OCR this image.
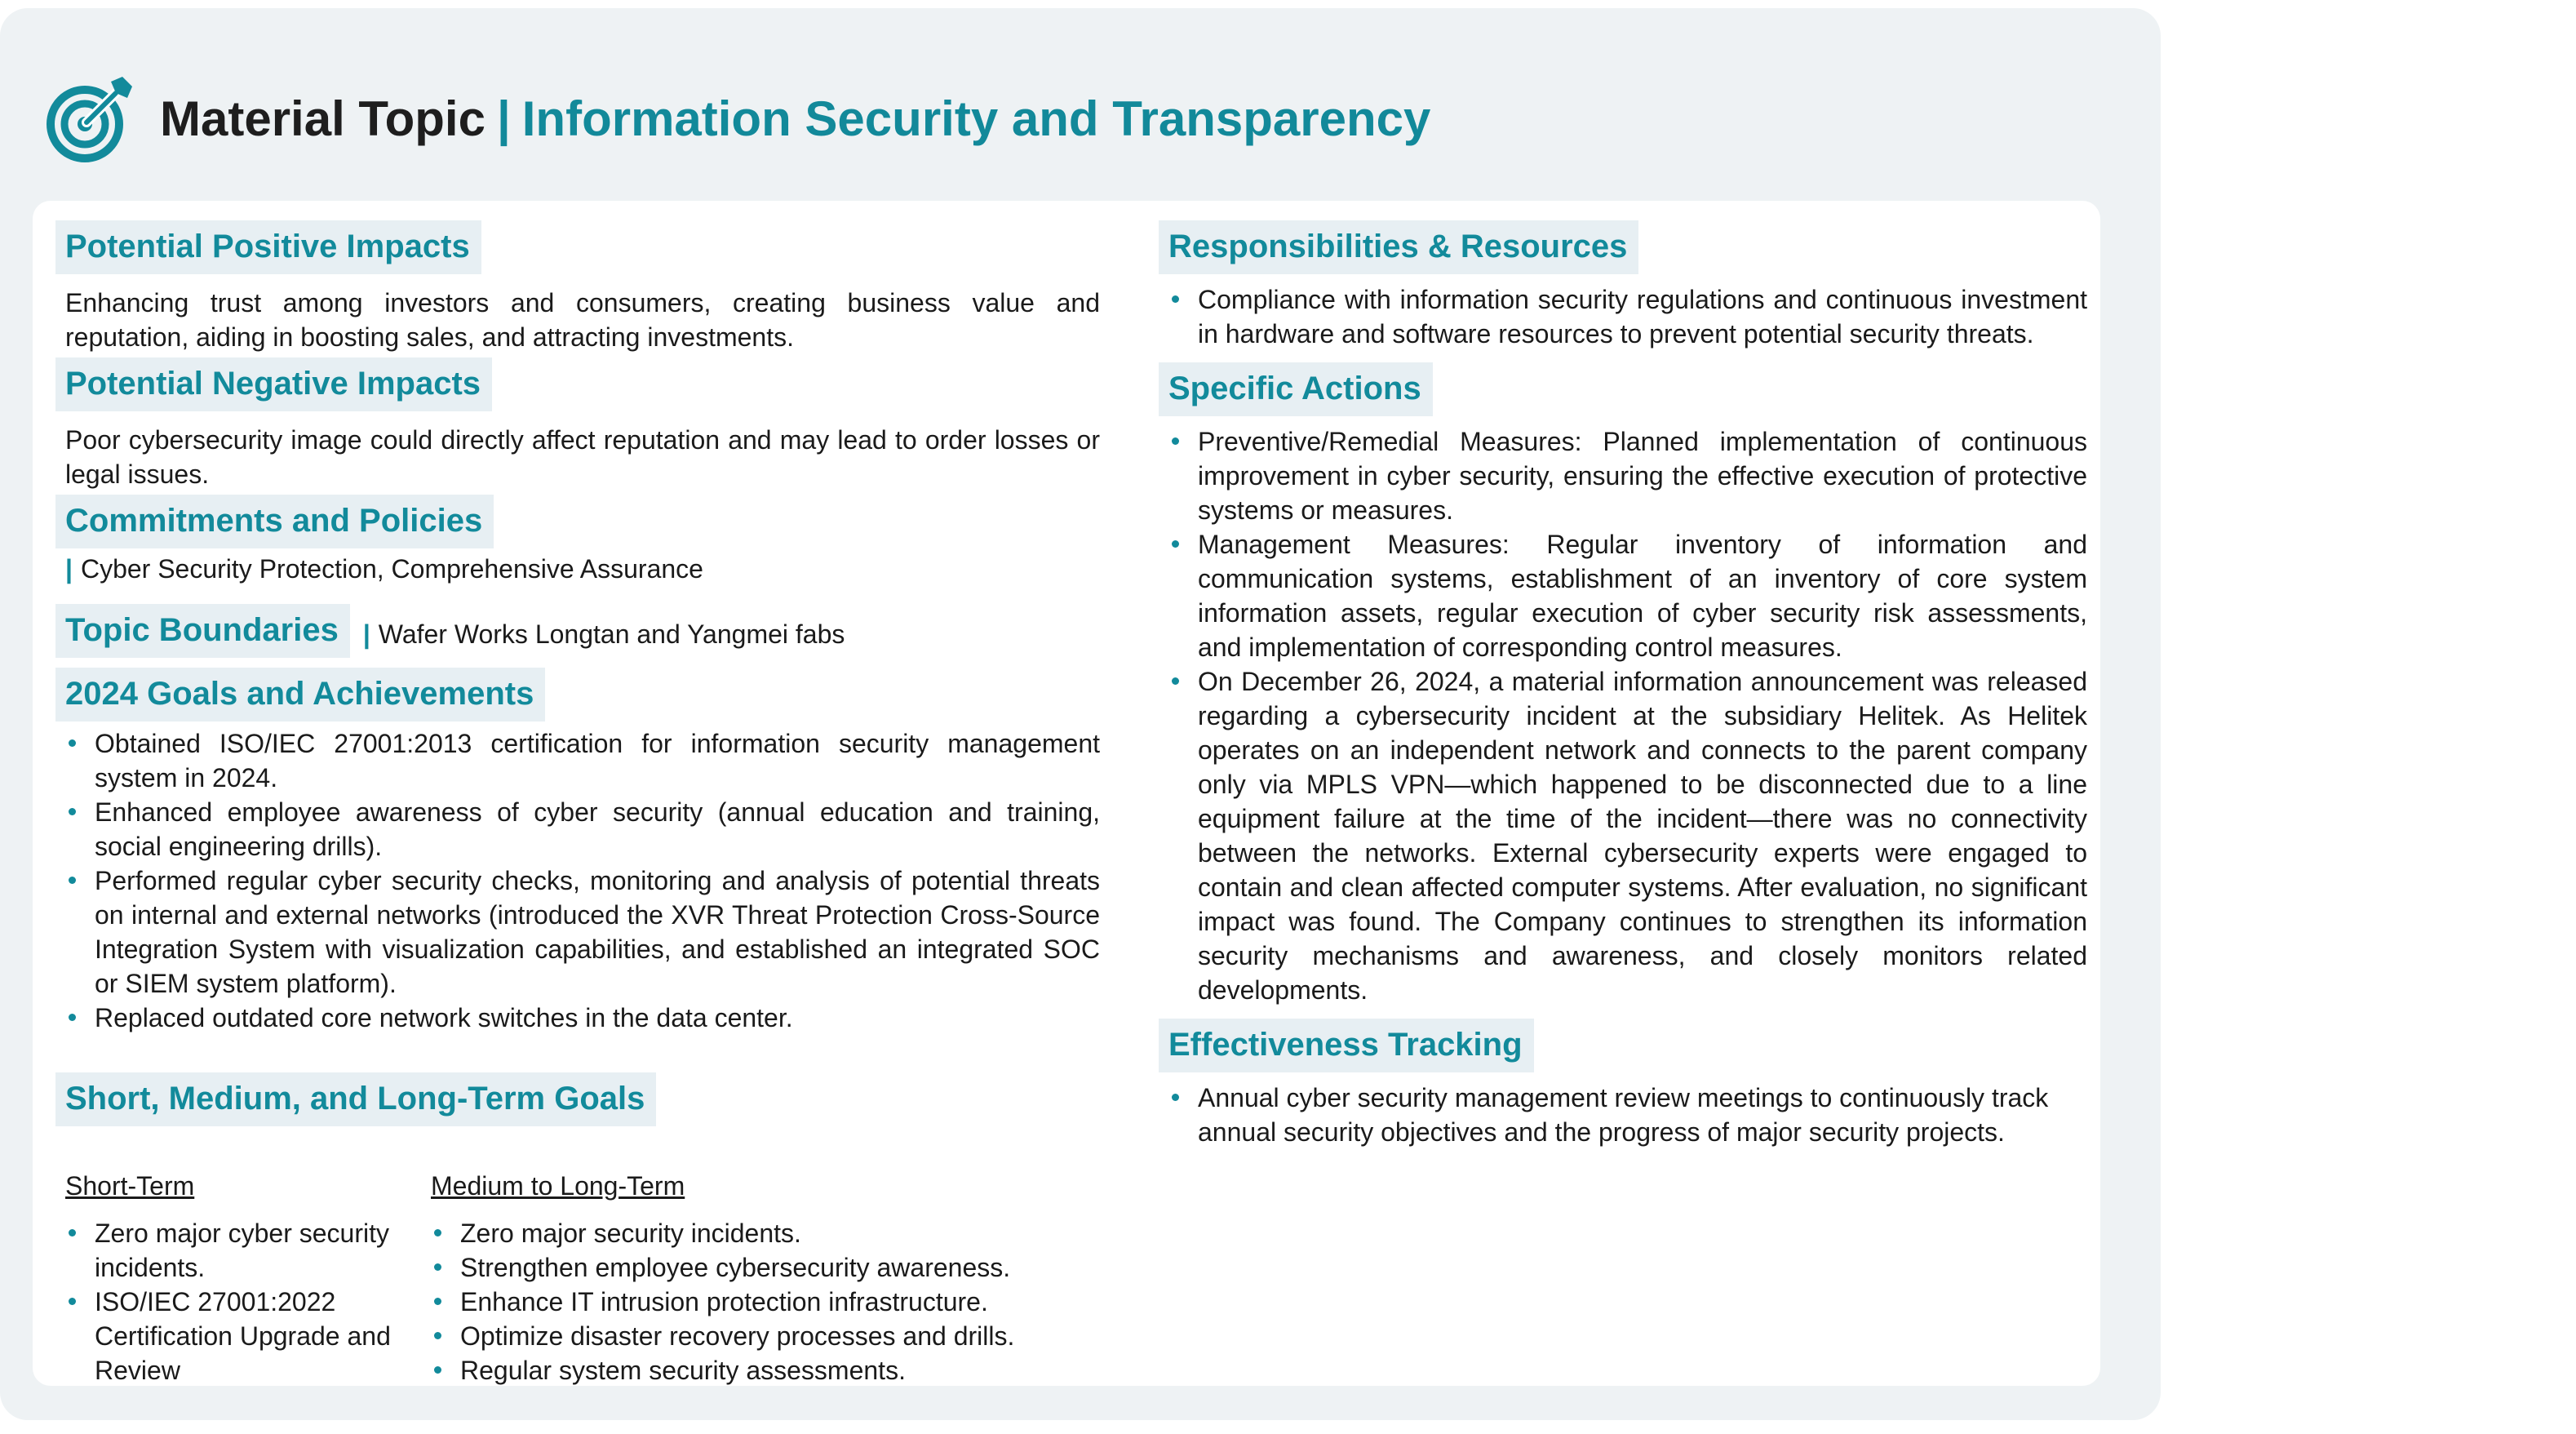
Material Topic | Information Security and Transparency
Potential Positive Impacts

Enhancing trust among investors and consumers, creating business value and reputation, aiding in boosting sales, and attracting investments.

Potential Negative Impacts

Poor cybersecurity image could directly affect reputation and may lead to order losses or legal issues.

Commitments and Policies
| Cyber Security Protection, Comprehensive Assurance
Topic Boundaries | Wafer Works Longtan and Yangmei fabs
2024 Goals and Achievements
Obtained ISO/IEC 27001:2013 certification for information security management system in 2024.
Enhanced employee awareness of cyber security (annual education and training, social engineering drills).
Performed regular cyber security checks, monitoring and analysis of potential threats on internal and external networks (introduced the XVR Threat Protection Cross-Source Integration System with visualization capabilities, and established an integrated SOC or SIEM system platform).
Replaced outdated core network switches in the data center.
Short, Medium, and Long-Term Goals
Short-Term
Zero major cyber security incidents.
ISO/IEC 27001:2022 Certification Upgrade and Review
Medium to Long-Term
Zero major security incidents.
Strengthen employee cybersecurity awareness.
Enhance IT intrusion protection infrastructure.
Optimize disaster recovery processes and drills.
Regular system security assessments.
Responsibilities & Resources
Compliance with information security regulations and continuous investment in hardware and software resources to prevent potential security threats.
Specific Actions
Preventive/Remedial Measures: Planned implementation of continuous improvement in cyber security, ensuring the effective execution of protective systems or measures.
Management Measures: Regular inventory of information and communication systems, establishment of an inventory of core system information assets, regular execution of cyber security risk assessments, and implementation of corresponding control measures.
On December 26, 2024, a material information announcement was released regarding a cybersecurity incident at the subsidiary Helitek. As Helitek operates on an independent network and connects to the parent company only via MPLS VPN—which happened to be disconnected due to a line equipment failure at the time of the incident—there was no connectivity between the networks. External cybersecurity experts were engaged to contain and clean affected computer systems. After evaluation, no significant impact was found. The Company continues to strengthen its information security mechanisms and awareness, and closely monitors related developments.
Effectiveness Tracking
Annual cyber security management review meetings to continuously track annual security objectives and the progress of major security projects.
